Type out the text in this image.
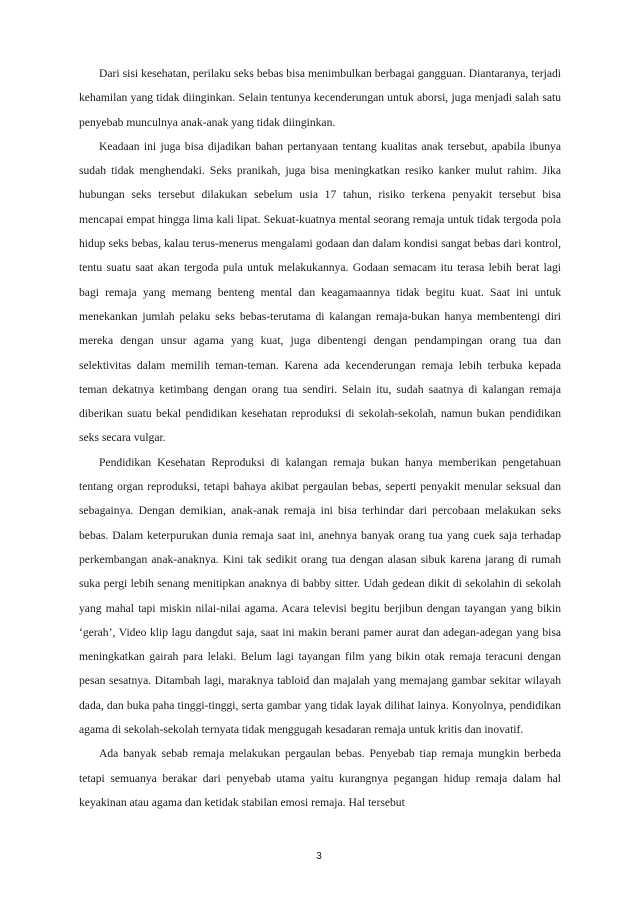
Dari sisi kesehatan, perilaku seks bebas bisa menimbulkan berbagai gangguan. Diantaranya, terjadi kehamilan yang tidak diinginkan. Selain tentunya kecenderungan untuk aborsi, juga menjadi salah satu penyebab munculnya anak-anak yang tidak diinginkan.

Keadaan ini juga bisa dijadikan bahan pertanyaan tentang kualitas anak tersebut, apabila ibunya sudah tidak menghendaki. Seks pranikah, juga bisa meningkatkan resiko kanker mulut rahim. Jika hubungan seks tersebut dilakukan sebelum usia 17 tahun, risiko terkena penyakit tersebut bisa mencapai empat hingga lima kali lipat. Sekuat-kuatnya mental seorang remaja untuk tidak tergoda pola hidup seks bebas, kalau terus-menerus mengalami godaan dan dalam kondisi sangat bebas dari kontrol, tentu suatu saat akan tergoda pula untuk melakukannya. Godaan semacam itu terasa lebih berat lagi bagi remaja yang memang benteng mental dan keagamaannya tidak begitu kuat. Saat ini untuk menekankan jumlah pelaku seks bebas-terutama di kalangan remaja-bukan hanya membentengi diri mereka dengan unsur agama yang kuat, juga dibentengi dengan pendampingan orang tua dan selektivitas dalam memilih teman-teman. Karena ada kecenderungan remaja lebih terbuka kepada teman dekatnya ketimbang dengan orang tua sendiri. Selain itu, sudah saatnya di kalangan remaja diberikan suatu bekal pendidikan kesehatan reproduksi di sekolah-sekolah, namun bukan pendidikan seks secara vulgar.

Pendidikan Kesehatan Reproduksi di kalangan remaja bukan hanya memberikan pengetahuan tentang organ reproduksi, tetapi bahaya akibat pergaulan bebas, seperti penyakit menular seksual dan sebagainya. Dengan demikian, anak-anak remaja ini bisa terhindar dari percobaan melakukan seks bebas. Dalam keterpurukan dunia remaja saat ini, anehnya banyak orang tua yang cuek saja terhadap perkembangan anak-anaknya. Kini tak sedikit orang tua dengan alasan sibuk karena jarang di rumah suka pergi lebih senang menitipkan anaknya di babby sitter. Udah gedean dikit di sekolahin di sekolah yang mahal tapi miskin nilai-nilai agama. Acara televisi begitu berjibun dengan tayangan yang bikin ‘gerah’, Video klip lagu dangdut saja, saat ini makin berani pamer aurat dan adegan-adegan yang bisa meningkatkan gairah para lelaki. Belum lagi tayangan film yang bikin otak remaja teracuni dengan pesan sesatnya. Ditambah lagi, maraknya tabloid dan majalah yang memajang gambar sekitar wilayah dada, dan buka paha tinggi-tinggi, serta gambar yang tidak layak dilihat lainya. Konyolnya, pendidikan agama di sekolah-sekolah ternyata tidak menggugah kesadaran remaja untuk kritis dan inovatif.

Ada banyak sebab remaja melakukan pergaulan bebas. Penyebab tiap remaja mungkin berbeda tetapi semuanya berakar dari penyebab utama yaitu kurangnya pegangan hidup remaja dalam hal keyakinan atau agama dan ketidak stabilan emosi remaja. Hal tersebut

3
